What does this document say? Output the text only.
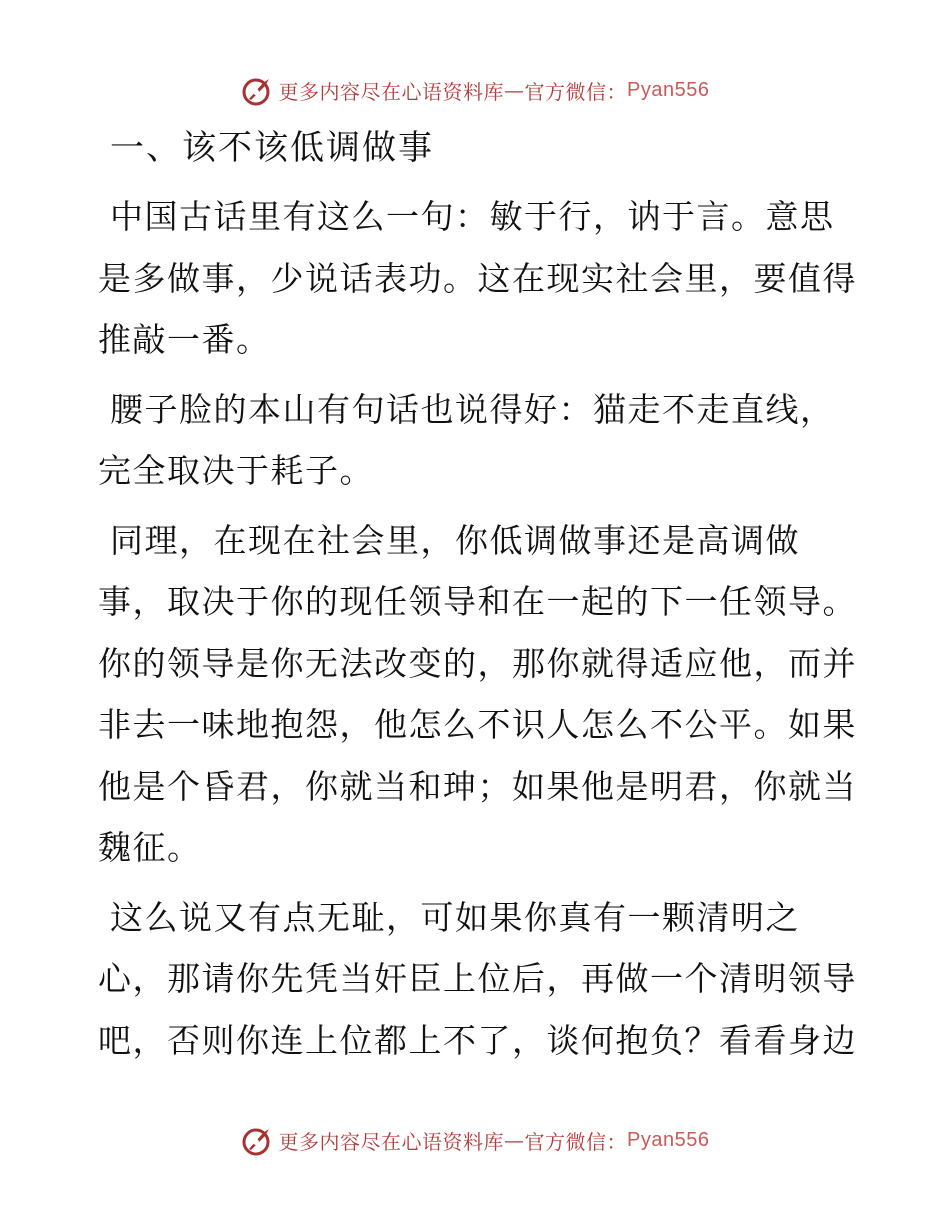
更多内容尽在心语资料库 — 官方微信： Pyan556
一、该不该低调做事
中国古话里有这么一句：敏于行，讷于言。意思
是多做事，少说话表功。这在现实社会里，要值得
推敲一番。
腰子脸的本山有句话也说得好：猫走不走直线，
完全取决于耗子。
同理，在现在社会里，你低调做事还是高调做
事，取决于你的现任领导和在一起的下一任领导。
你的领导是你无法改变的，那你就得适应他，而并
非去一味地抱怨，他怎么不识人怎么不公平。如果
他是个昏君，你就当和珅；如果他是明君，你就当
魏征。
这么说又有点无耻，可如果你真有一颗清明之
心，那请你先凭当奸臣上位后，再做一个清明领导
吧，否则你连上位都上不了，谈何抱负？看看身边
更多内容尽在心语资料库 — 官方微信： Pyan556
